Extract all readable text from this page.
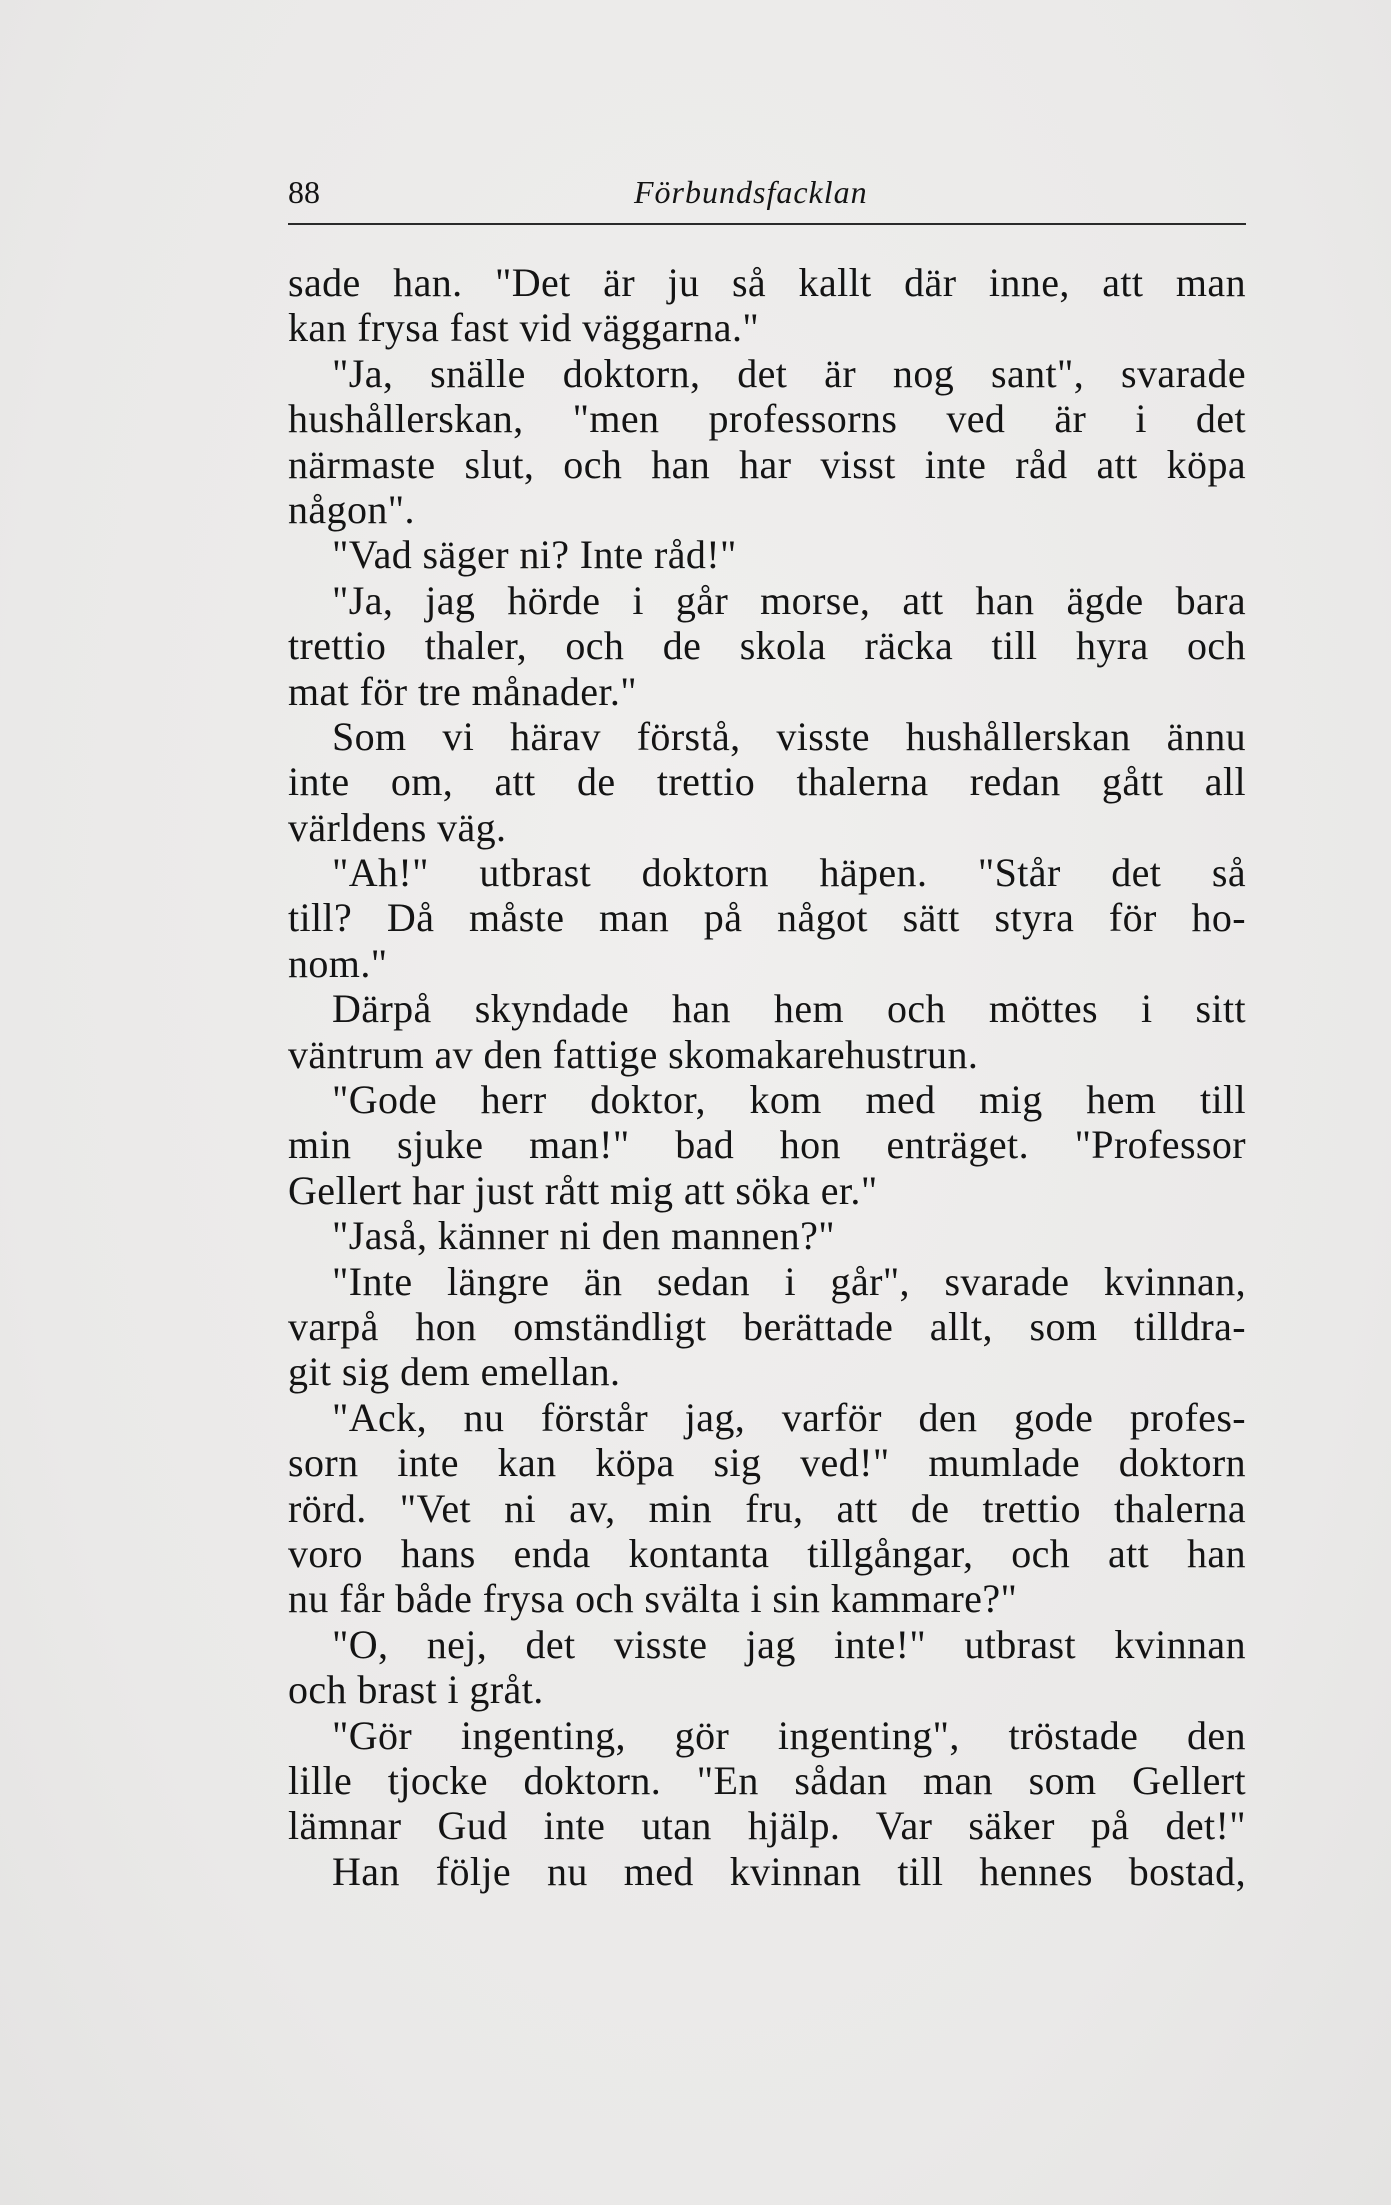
88	Förbundsfacklan
sade han. "Det är ju så kallt där inne, att man
kan frysa fast vid väggarna."
"Ja, snälle doktorn, det är nog sant", svarade
hushållerskan, "men professorns ved är i det
närmaste slut, och han har visst inte råd att köpa
någon".
"Vad säger ni? Inte råd!"
"Ja, jag hörde i går morse, att han ägde bara
trettio thaler, och de skola räcka till hyra och
mat för tre månader."
Som vi härav förstå, visste hushållerskan ännu
inte om, att de trettio thalerna redan gått all
världens väg.
"Ah!" utbrast doktorn häpen. "Står det så
till? Då måste man på något sätt styra för ho-
nom."
Därpå skyndade han hem och möttes i sitt
väntrum av den fattige skomakarehustrun.
"Gode herr doktor, kom med mig hem till
min sjuke man!" bad hon enträget. "Professor
Gellert har just rått mig att söka er."
"Jaså, känner ni den mannen?"
"Inte längre än sedan i går", svarade kvinnan,
varpå hon omständligt berättade allt, som tilldra-
git sig dem emellan.
"Ack, nu förstår jag, varför den gode profes-
sorn inte kan köpa sig ved!" mumlade doktorn
rörd. "Vet ni av, min fru, att de trettio thalerna
voro hans enda kontanta tillgångar, och att han
nu får både frysa och svälta i sin kammare?"
"O, nej, det visste jag inte!" utbrast kvinnan
och brast i gråt.
"Gör ingenting, gör ingenting", tröstade den
lille tjocke doktorn. "En sådan man som Gellert
lämnar Gud inte utan hjälp. Var säker på det!"
Han följe nu med kvinnan till hennes bostad,
